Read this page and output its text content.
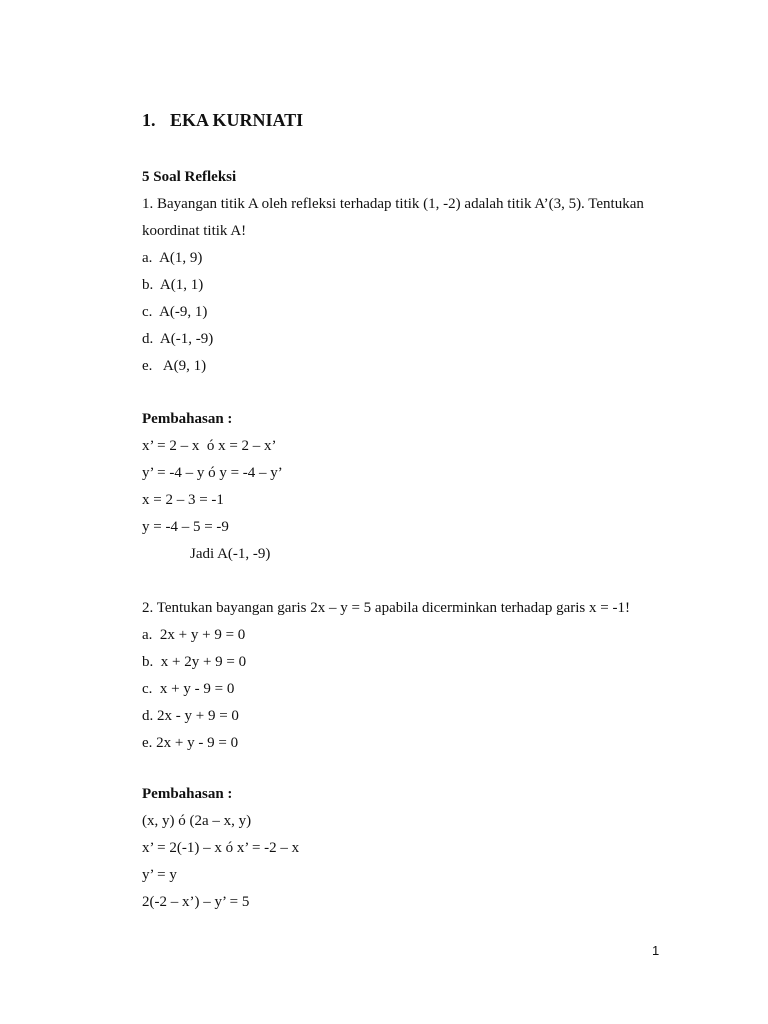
1. EKA KURNIATI
5 Soal Refleksi
1. Bayangan titik A oleh refleksi terhadap titik (1, -2) adalah titik A’(3, 5). Tentukan
koordinat titik A!
a.  A(1, 9)
b.  A(1, 1)
c.  A(-9, 1)
d.  A(-1, -9)
e.   A(9, 1)
Pembahasan :
x’ = 2 – x  ó x = 2 – x’
y’ = -4 – y ó y = -4 – y’
x = 2 – 3 = -1
y = -4 – 5 = -9
Jadi A(-1, -9)
2. Tentukan bayangan garis 2x – y = 5 apabila dicerminkan terhadap garis x = -1!
a.  2x + y + 9 = 0
b.  x + 2y + 9 = 0
c.  x + y - 9 = 0
d. 2x - y + 9 = 0
e. 2x + y - 9 = 0
Pembahasan :
(x, y) ó (2a – x, y)
x’ = 2(-1) – x ó x’ = -2 – x
y’ = y
2(-2 – x’) – y’ = 5
1
